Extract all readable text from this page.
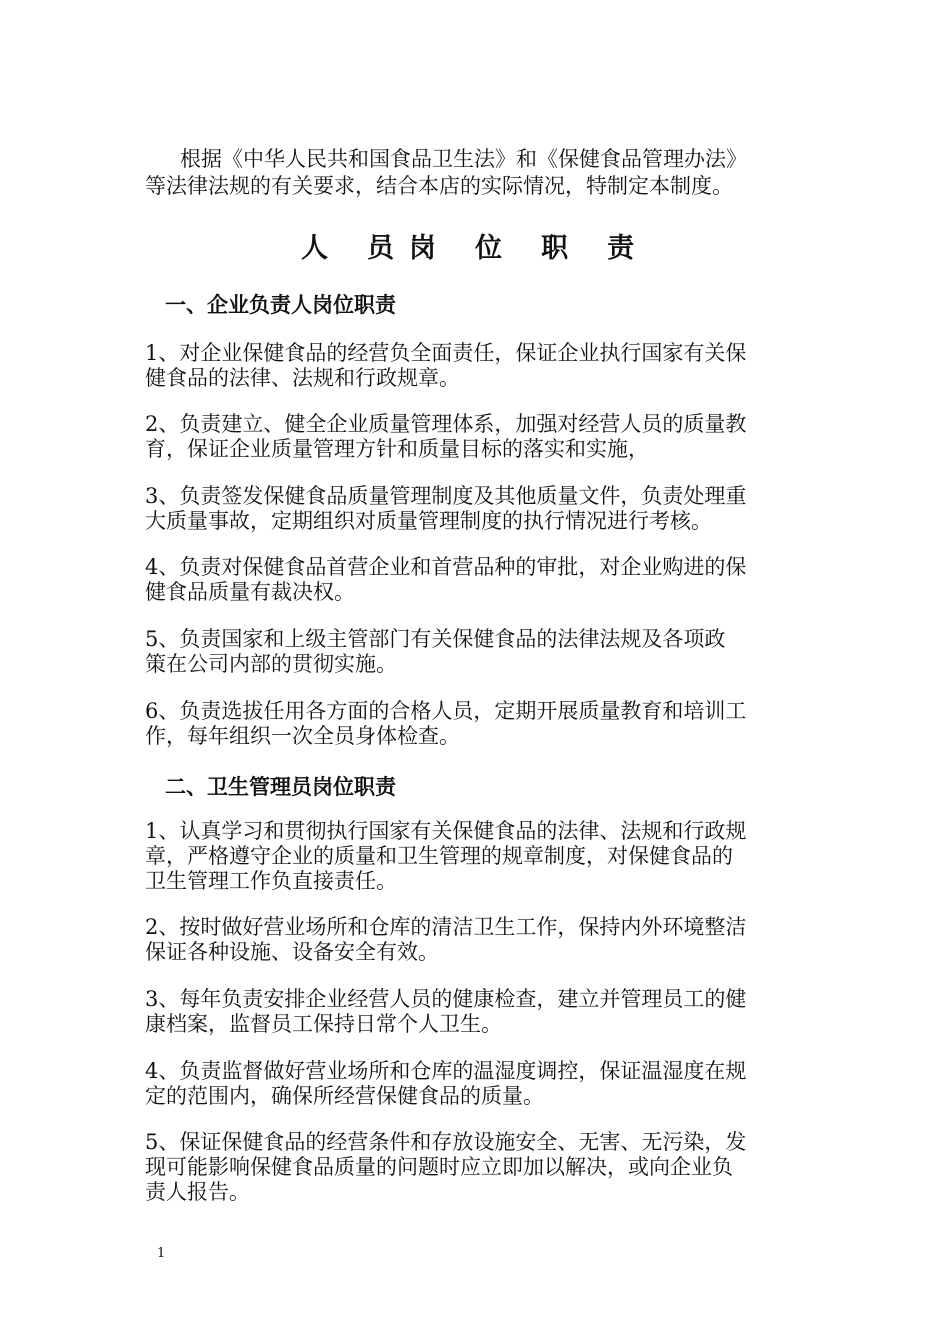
根据《中华人民共和国食品卫生法》和《保健食品管理办法》
等法律法规的有关要求，结合本店的实际情况，特制定本制度。
人 员岗 位 职 责
一、企业负责人岗位职责
1、对企业保健食品的经营负全面责任，保证企业执行国家有关保
健食品的法律、法规和行政规章。
2、负责建立、健全企业质量管理体系，加强对经营人员的质量教
育，保证企业质量管理方针和质量目标的落实和实施，
3、负责签发保健食品质量管理制度及其他质量文件，负责处理重
大质量事故，定期组织对质量管理制度的执行情况进行考核。
4、负责对保健食品首营企业和首营品种的审批，对企业购进的保
健食品质量有裁决权。
5、负责国家和上级主管部门有关保健食品的法律法规及各项政
策在公司内部的贯彻实施。
6、负责选拔任用各方面的合格人员，定期开展质量教育和培训工
作，每年组织一次全员身体检查。
二、卫生管理员岗位职责
1、认真学习和贯彻执行国家有关保健食品的法律、法规和行政规
章，严格遵守企业的质量和卫生管理的规章制度，对保健食品的
卫生管理工作负直接责任。
2、按时做好营业场所和仓库的清洁卫生工作，保持内外环境整洁
保证各种设施、设备安全有效。
3、每年负责安排企业经营人员的健康检查，建立并管理员工的健
康档案，监督员工保持日常个人卫生。
4、负责监督做好营业场所和仓库的温湿度调控，保证温湿度在规
定的范围内，确保所经营保健食品的质量。
5、保证保健食品的经营条件和存放设施安全、无害、无污染，发
现可能影响保健食品质量的问题时应立即加以解决，或向企业负
责人报告。
1
